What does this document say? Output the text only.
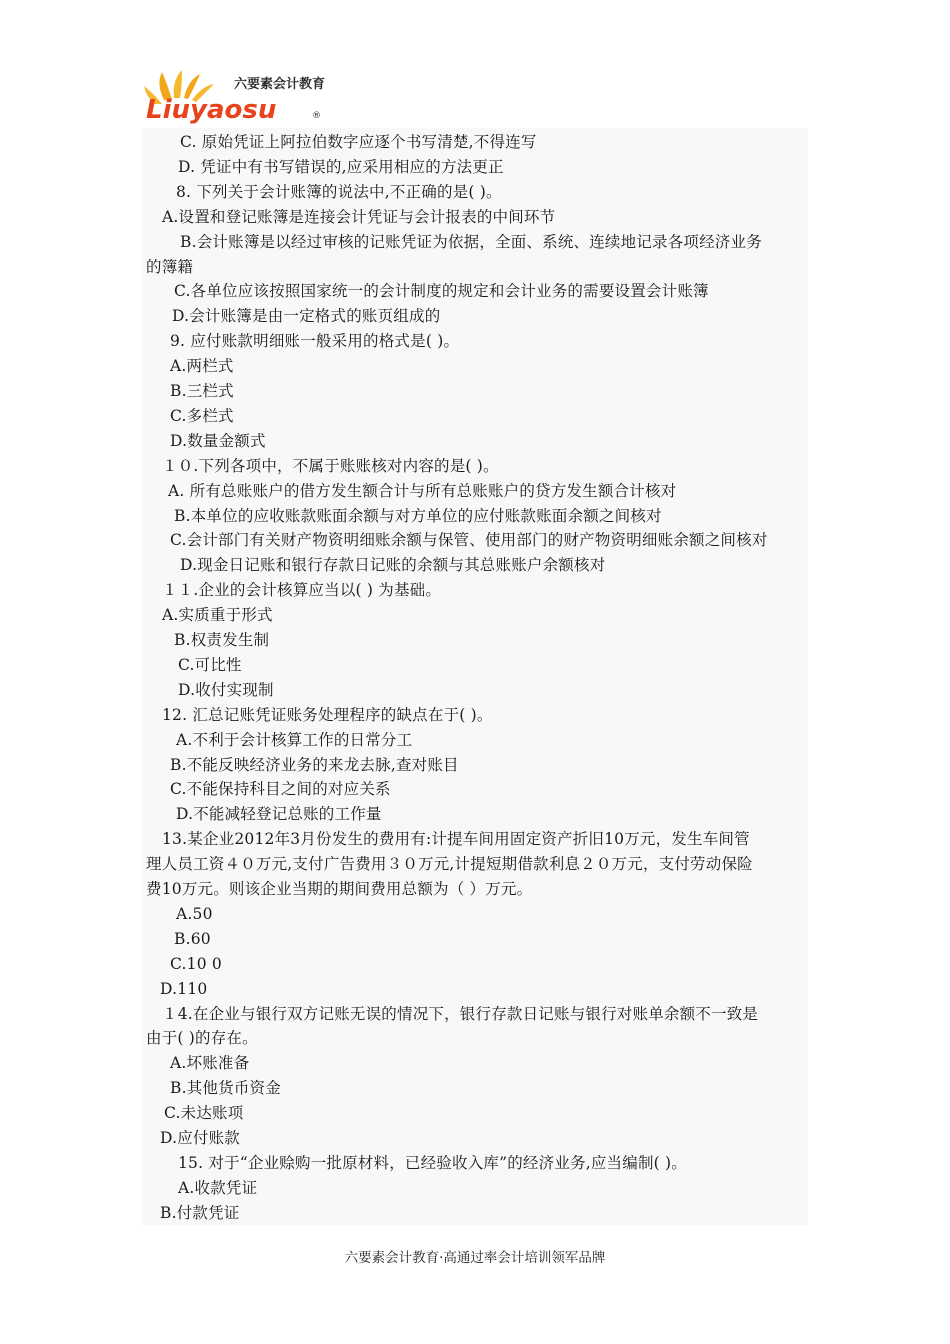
六要素会计教育
Liuyaosu	®
C. 原始凭证上阿拉伯数字应逐个书写清楚,不得连写
D. 凭证中有书写错误的,应采用相应的方法更正
8. 下列关于会计账簿的说法中,不正确的是( )。
A.设置和登记账簿是连接会计凭证与会计报表的中间环节
B.会计账簿是以经过审核的记账凭证为依据，全面、系统、连续地记录各项经济业务
的簿籍
C.各单位应该按照国家统一的会计制度的规定和会计业务的需要设置会计账簿
D.会计账簿是由一定格式的账页组成的
9. 应付账款明细账一般采用的格式是( )。
A.两栏式
B.三栏式
C.多栏式
D.数量金额式
１０.下列各项中，不属于账账核对内容的是( )。
A. 所有总账账户的借方发生额合计与所有总账账户的贷方发生额合计核对
B.本单位的应收账款账面余额与对方单位的应付账款账面余额之间核对
C.会计部门有关财产物资明细账余额与保管、使用部门的财产物资明细账余额之间核对
D.现金日记账和银行存款日记账的余额与其总账账户余额核对
１１.企业的会计核算应当以( ) 为基础。
A.实质重于形式
B.权责发生制
C.可比性
D.收付实现制
12. 汇总记账凭证账务处理程序的缺点在于( )。
A.不利于会计核算工作的日常分工
B.不能反映经济业务的来龙去脉,查对账目
C.不能保持科目之间的对应关系
D.不能减轻登记总账的工作量
13.某企业2012年3月份发生的费用有:计提车间用固定资产折旧10万元，发生车间管
理人员工资４０万元,支付广告费用３０万元,计提短期借款利息２０万元，支付劳动保险
费10万元。则该企业当期的期间费用总额为（ ）万元。
A.50
B.60
C.10 0
D.110
１4.在企业与银行双方记账无误的情况下，银行存款日记账与银行对账单余额不一致是
由于( )的存在。
A.坏账准备
B.其他货币资金
C.未达账项
D.应付账款
15. 对于“企业赊购一批原材料，已经验收入库”的经济业务,应当编制( )。
A.收款凭证
B.付款凭证
六要素会计教育·高通过率会计培训领军品牌
